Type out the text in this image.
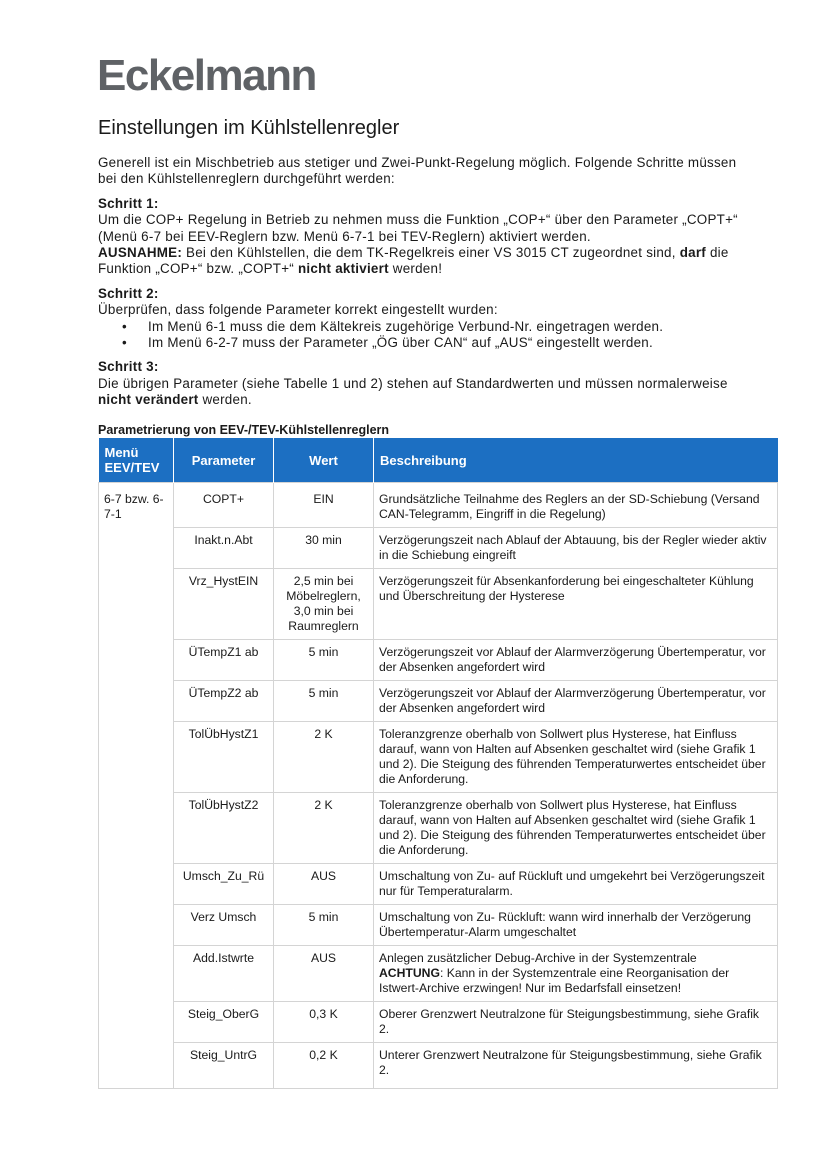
Eckelmann
Einstellungen im Kühlstellenregler

Generell ist ein Mischbetrieb aus stetiger und Zwei-Punkt-Regelung möglich. Folgende Schritte müssen bei den Kühlstellenreglern durchgeführt werden:

Schritt 1:

Um die COP+ Regelung in Betrieb zu nehmen muss die Funktion „COP+“ über den Parameter „COPT+“ (Menü 6-7 bei EEV-Reglern bzw. Menü 6-7-1 bei TEV-Reglern) aktiviert werden.

AUSNAHME: Bei den Kühlstellen, die dem TK-Regelkreis einer VS 3015 CT zugeordnet sind, darf die Funktion „COP+“ bzw. „COPT+“ nicht aktiviert werden!

Schritt 2:

Überprüfen, dass folgende Parameter korrekt eingestellt wurden:

• Im Menü 6-1 muss die dem Kältekreis zugehörige Verbund-Nr. eingetragen werden.
• Im Menü 6-2-7 muss der Parameter „ÖG über CAN“ auf „AUS“ eingestellt werden.

Schritt 3:

Die übrigen Parameter (siehe Tabelle 1 und 2) stehen auf Standardwerten und müssen normalerweise nicht verändert werden.

Parametrierung von EEV-/TEV-Kühlstellenreglern

Menü EEV/TEV	Parameter	Wert	Beschreibung
6-7 bzw. 6-7-1	COPT+	EIN	Grundsätzliche Teilnahme des Reglers an der SD-Schiebung (Versand CAN-Telegramm, Eingriff in die Regelung)
	Inakt.n.Abt	30 min	Verzögerungszeit nach Ablauf der Abtauung, bis der Regler wieder aktiv in die Schiebung eingreift
	Vrz_HystEIN	2,5 min bei Möbelreglern, 3,0 min bei Raumreglern	Verzögerungszeit für Absenkanforderung bei eingeschalteter Kühlung und Überschreitung der Hysterese
	ÜTempZ1 ab	5 min	Verzögerungszeit vor Ablauf der Alarmverzögerung Übertemperatur, vor der Absenken angefordert wird
	ÜTempZ2 ab	5 min	Verzögerungszeit vor Ablauf der Alarmverzögerung Übertemperatur, vor der Absenken angefordert wird
	TolÜbHystZ1	2 K	Toleranzgrenze oberhalb von Sollwert plus Hysterese, hat Einfluss darauf, wann von Halten auf Absenken geschaltet wird (siehe Grafik 1 und 2). Die Steigung des führenden Temperaturwertes entscheidet über die Anforderung.
	TolÜbHystZ2	2 K	Toleranzgrenze oberhalb von Sollwert plus Hysterese, hat Einfluss darauf, wann von Halten auf Absenken geschaltet wird (siehe Grafik 1 und 2). Die Steigung des führenden Temperaturwertes entscheidet über die Anforderung.
	Umsch_Zu_Rü	AUS	Umschaltung von Zu- auf Rückluft und umgekehrt bei Verzögerungszeit nur für Temperaturalarm.
	Verz Umsch	5 min	Umschaltung von Zu- Rückluft: wann wird innerhalb der Verzögerung Übertemperatur-Alarm umgeschaltet
	Add.Istwrte	AUS	Anlegen zusätzlicher Debug-Archive in der Systemzentrale
ACHTUNG: Kann in der Systemzentrale eine Reorganisation der Istwert-Archive erzwingen! Nur im Bedarfsfall einsetzen!
	Steig_OberG	0,3 K	Oberer Grenzwert Neutralzone für Steigungsbestimmung, siehe Grafik 2.
	Steig_UntrG	0,2 K	Unterer Grenzwert Neutralzone für Steigungsbestimmung, siehe Grafik 2.
